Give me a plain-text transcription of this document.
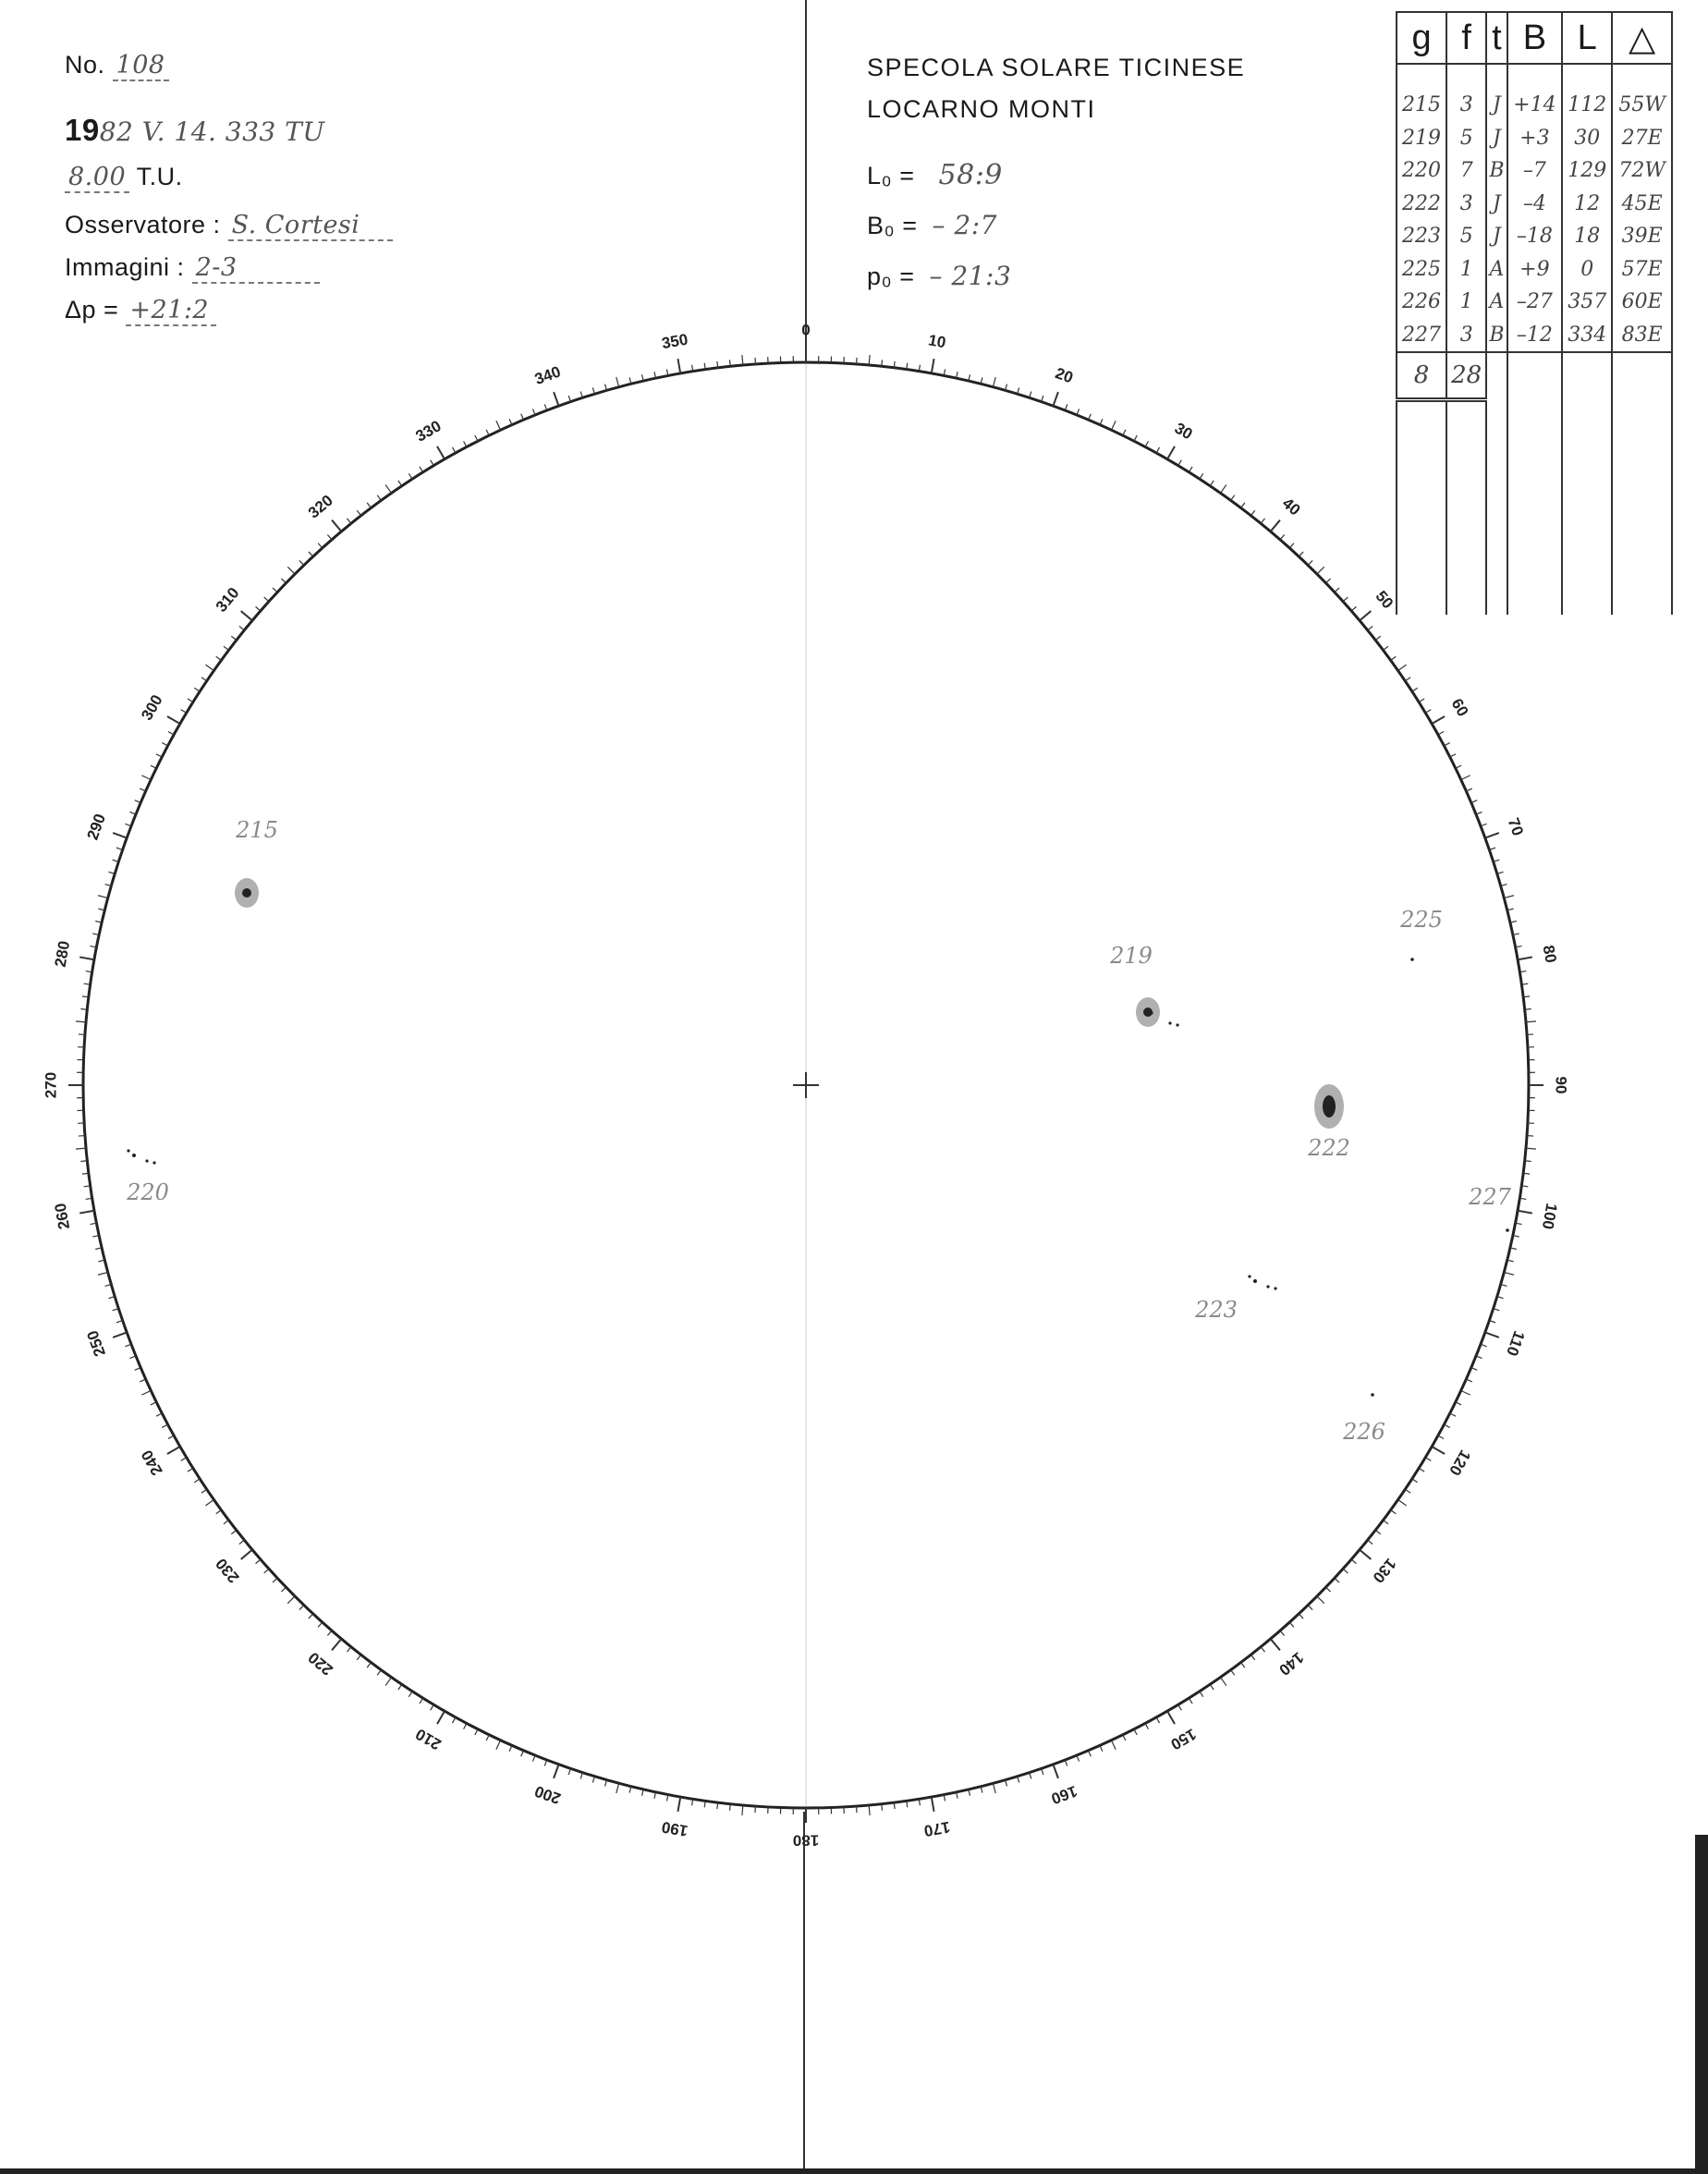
No. 108
1982 V. 14. 333 TU
8.00 T.U.
Osservatore : S. Cortesi
Immagini : 2-3
Δp = +21:2
SPECOLA SOLARE TICINESE
LOCARNO MONTI
L₀ = 58:9
B₀ = – 2:7
p₀ = – 21:3
g	f	t	B	L	△
215	3	J	+14	112	55W
219	5	J	+3	30	27E
220	7	B	–7	129	72W
222	3	J	–4	12	45E
223	5	J	–18	18	39E
225	1	A	+9	0	57E
226	1	A	–27	357	60E
227	3	B	–12	334	83E
8	28				

0
10
20
30
40
50
60
70
80
90
100
110
120
130
140
150
160
170
180
190
200
210
220
230
240
250
260
270
280
290
300
310
320
330
340
350
215
219
220
222
223
225
226
227
